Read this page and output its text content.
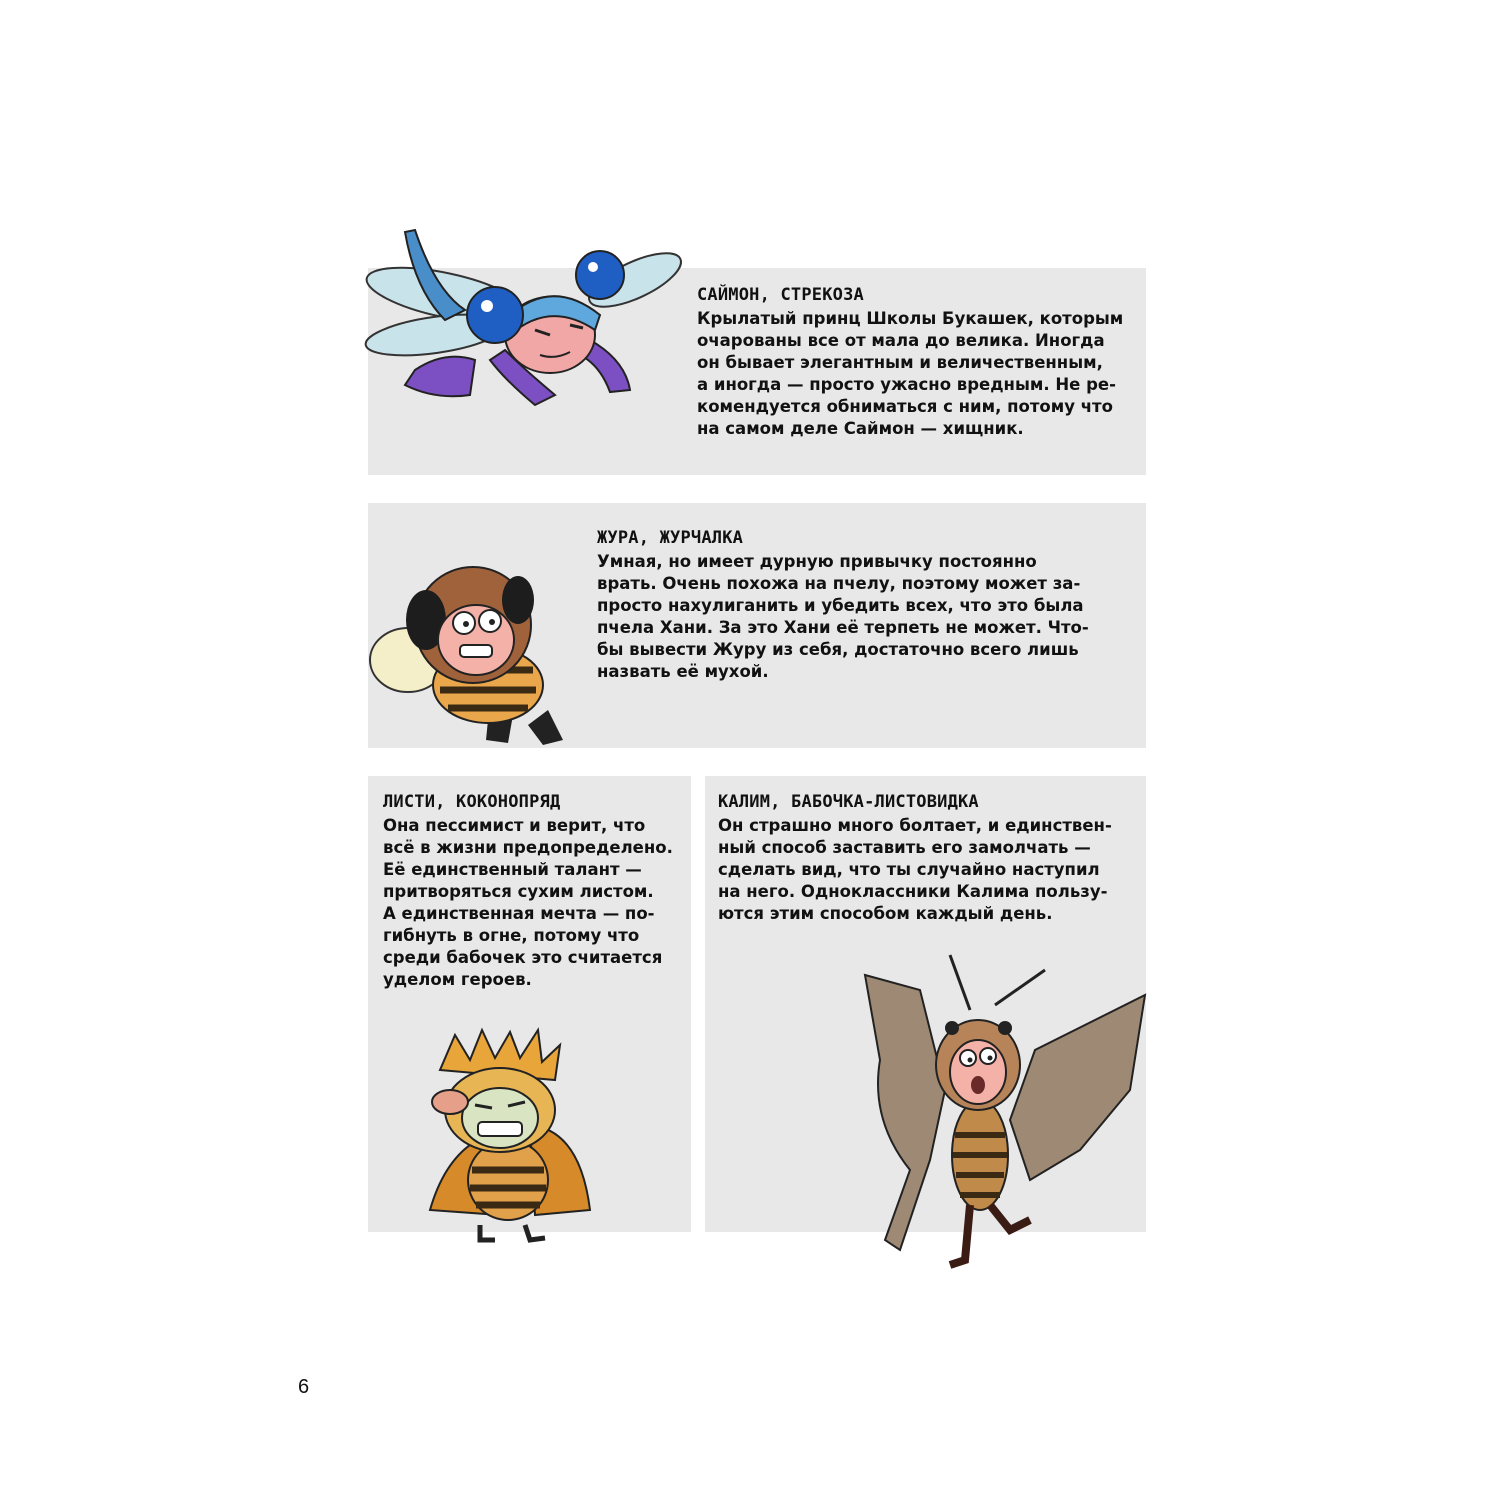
САЙМОН, СТРЕКОЗА
Крылатый принц Школы Букашек, которым
очарованы все от мала до велика. Иногда
он бывает элегантным и величественным,
а иногда — просто ужасно вредным. Не ре-
комендуется обниматься с ним, потому что
на самом деле Саймон — хищник.
ЖУРА, ЖУРЧАЛКА
Умная, но имеет дурную привычку постоянно
врать. Очень похожа на пчелу, поэтому может за-
просто нахулиганить и убедить всех, что это была
пчела Хани. За это Хани её терпеть не может. Что-
бы вывести Журу из себя, достаточно всего лишь
назвать её мухой.
ЛИСТИ, КОКОНОПРЯД
Она пессимист и верит, что
всё в жизни предопределено.
Её единственный талант —
притворяться сухим листом.
А единственная мечта — по-
гибнуть в огне, потому что
среди бабочек это считается
уделом героев.
КАЛИМ, БАБОЧКА-ЛИСТОВИДКА
Он страшно много болтает, и единствен-
ный способ заставить его замолчать —
сделать вид, что ты случайно наступил
на него. Одноклассники Калима пользу-
ются этим способом каждый день.
6
